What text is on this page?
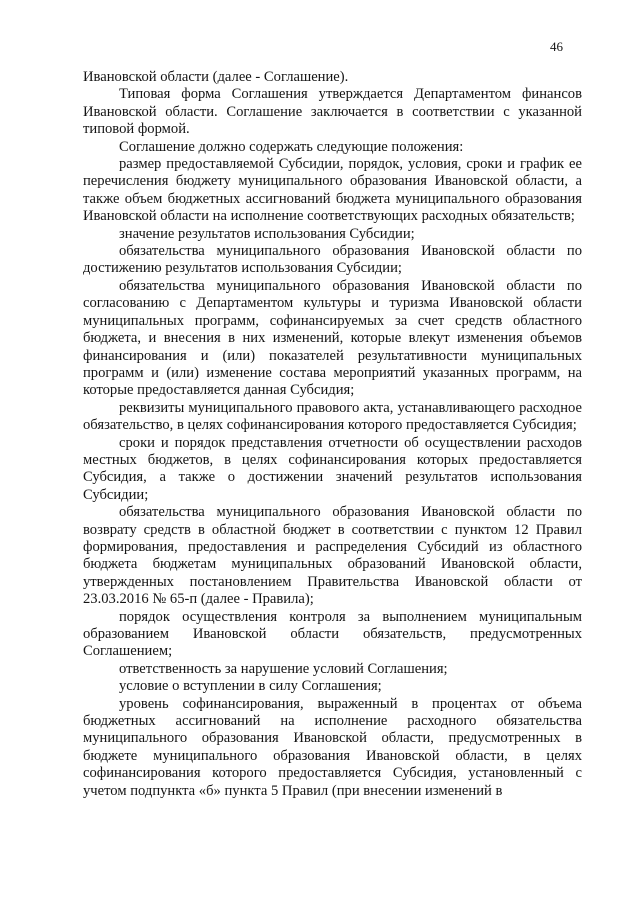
46

Ивановской области (далее - Соглашение).

Типовая форма Соглашения утверждается Департаментом финансов Ивановской области. Соглашение заключается в соответствии с указанной типовой формой.

Соглашение должно содержать следующие положения:

размер предоставляемой Субсидии, порядок, условия, сроки и график ее перечисления бюджету муниципального образования Ивановской области, а также объем бюджетных ассигнований бюджета муниципального образования Ивановской области на исполнение соответствующих расходных обязательств;

значение результатов использования Субсидии;

обязательства муниципального образования Ивановской области по достижению результатов использования Субсидии;

обязательства муниципального образования Ивановской области по согласованию с Департаментом культуры и туризма Ивановской области муниципальных программ, софинансируемых за счет средств областного бюджета, и внесения в них изменений, которые влекут изменения объемов финансирования и (или) показателей результативности муниципальных программ и (или) изменение состава мероприятий указанных программ, на которые предоставляется данная Субсидия;

реквизиты муниципального правового акта, устанавливающего расходное обязательство, в целях софинансирования которого предоставляется Субсидия;

сроки и порядок представления отчетности об осуществлении расходов местных бюджетов, в целях софинансирования которых предоставляется Субсидия, а также о достижении значений результатов использования Субсидии;

обязательства муниципального образования Ивановской области по возврату средств в областной бюджет в соответствии с пунктом 12 Правил формирования, предоставления и распределения Субсидий из областного бюджета бюджетам муниципальных образований Ивановской области, утвержденных постановлением Правительства Ивановской области от 23.03.2016 № 65-п (далее - Правила);

порядок осуществления контроля за выполнением муниципальным образованием Ивановской области обязательств, предусмотренных Соглашением;

ответственность за нарушение условий Соглашения;

условие о вступлении в силу Соглашения;

уровень софинансирования, выраженный в процентах от объема бюджетных ассигнований на исполнение расходного обязательства муниципального образования Ивановской области, предусмотренных в бюджете муниципального образования Ивановской области, в целях софинансирования которого предоставляется Субсидия, установленный с учетом подпункта «б» пункта 5 Правил (при внесении изменений в
